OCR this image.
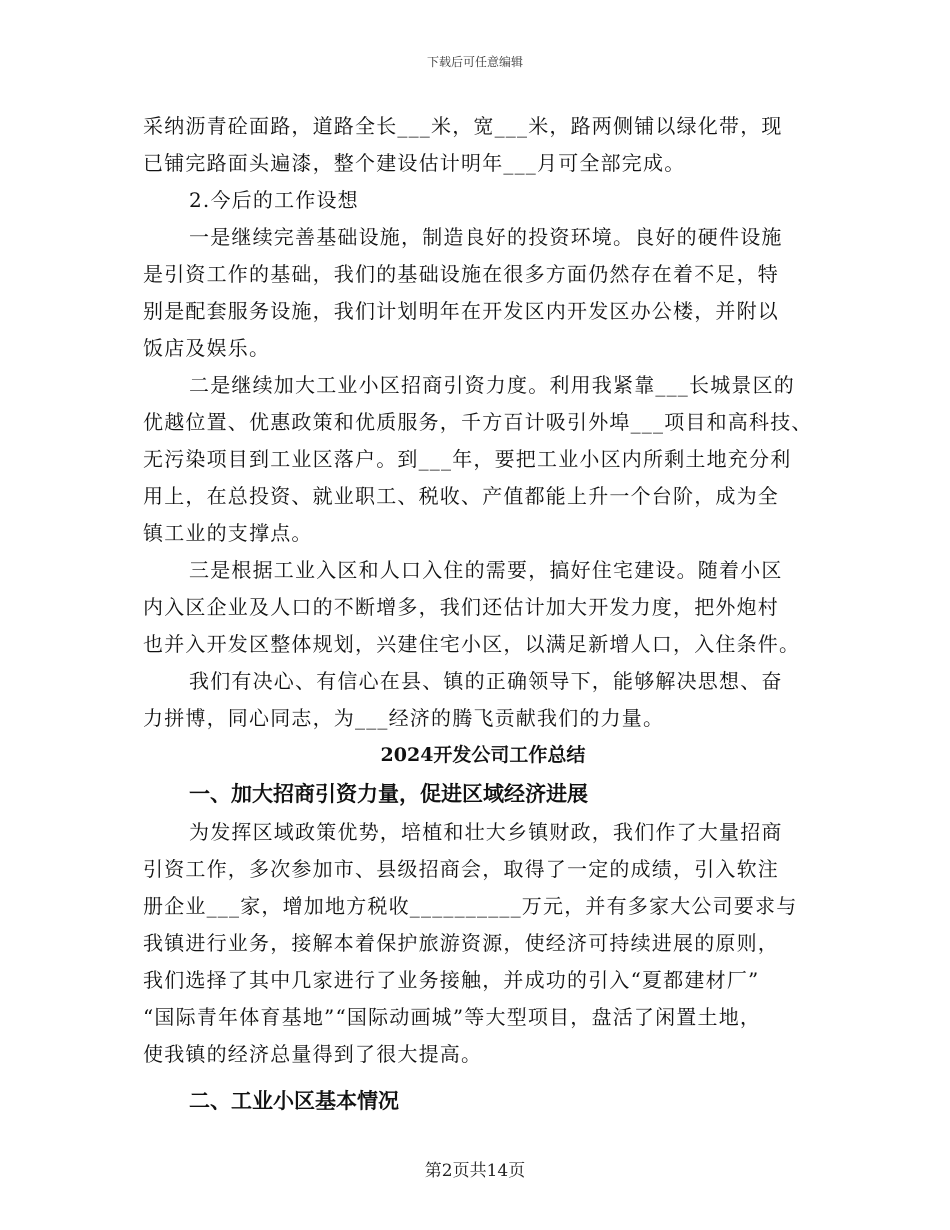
下载后可任意编辑
采纳沥青砼面路，道路全长___米，宽___米，路两侧铺以绿化带，现
已铺完路面头遍漆，整个建设估计明年___月可全部完成。
2.今后的工作设想
一是继续完善基础设施，制造良好的投资环境。良好的硬件设施
是引资工作的基础，我们的基础设施在很多方面仍然存在着不足，特
别是配套服务设施，我们计划明年在开发区内开发区办公楼，并附以
饭店及娱乐。
二是继续加大工业小区招商引资力度。利用我紧靠___长城景区的
优越位置、优惠政策和优质服务，千方百计吸引外埠___项目和高科技、
无污染项目到工业区落户。到___年，要把工业小区内所剩土地充分利
用上，在总投资、就业职工、税收、产值都能上升一个台阶，成为全
镇工业的支撑点。
三是根据工业入区和人口入住的需要，搞好住宅建设。随着小区
内入区企业及人口的不断增多，我们还估计加大开发力度，把外炮村
也并入开发区整体规划，兴建住宅小区，以满足新增人口，入住条件。
我们有决心、有信心在县、镇的正确领导下，能够解决思想、奋
力拼博，同心同志，为___经济的腾飞贡献我们的力量。
2024开发公司工作总结
一、加大招商引资力量，促进区域经济进展
为发挥区域政策优势，培植和壮大乡镇财政，我们作了大量招商
引资工作，多次参加市、县级招商会，取得了一定的成绩，引入软注
册企业___家，增加地方税收__________万元，并有多家大公司要求与
我镇进行业务，接解本着保护旅游资源，使经济可持续进展的原则，
我们选择了其中几家进行了业务接触，并成功的引入“夏都建材厂”
“国际青年体育基地”“国际动画城”等大型项目，盘活了闲置土地，
使我镇的经济总量得到了很大提高。
二、工业小区基本情况
第2页共14页
